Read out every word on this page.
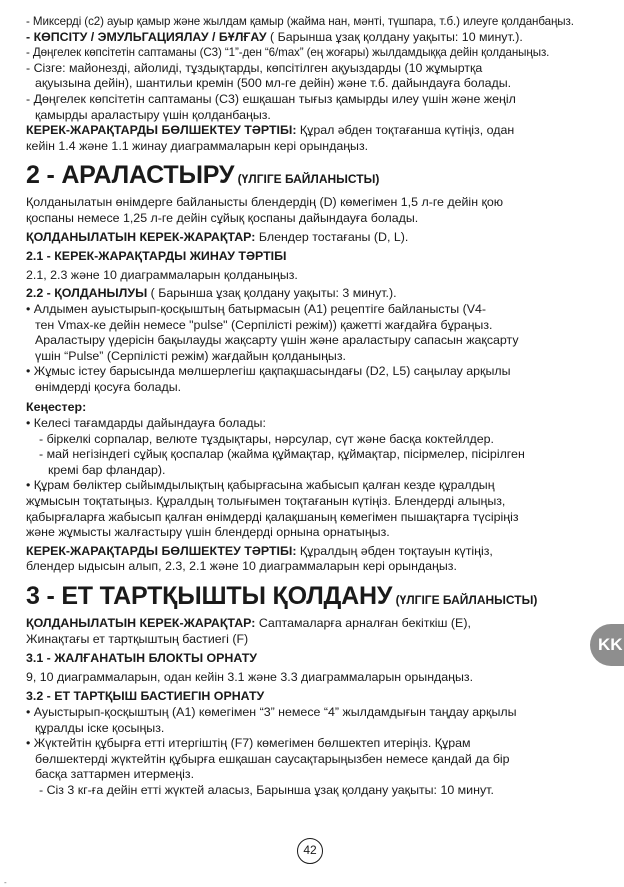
- Миксерді (с2) ауыр қамыр және жылдам қамыр (жайма нан, мәнті, түшпара, т.б.) илеуге қолданбаңыз.

- КӨПСІТУ / ЭМУЛЬГАЦИЯЛАУ / БҰЛҒАУ ( Барынша ұзақ қолдану уақыты: 10 минут.).

- Дөңгелек көпсітетін саптаманы (С3) “1”-ден “6/max” (ең жоғары) жылдамдыққа дейін қолданыңыз.

- Сізге: майонезді, айолиді, тұздықтарды, көпсітілген ақуыздарды (10 жұмыртқа

ақуызына дейін), шантильи кремін (500 мл-ге дейін) және т.б. дайындауға болады.

- Дөңгелек көпсітетін саптаманы (С3) ешқашан тығыз қамырды илеу үшін және жеңіл

қамырды араластыру үшін қолданбаңыз.

КЕРЕК-ЖАРАҚТАРДЫ БӨЛШЕКТЕУ ТӘРТІБІ: Құрал әбден тоқтағанша күтіңіз, одан

кейін 1.4 және 1.1 жинау диаграммаларын кері орындаңыз.

2 - АРАЛАСТЫРУ (ҮЛГІГЕ БАЙЛАНЫСТЫ)

Қолданылатын өнімдерге байланысты блендердің (D) көмегімен 1,5 л-ге дейін қою

қоспаны немесе 1,25 л-ге дейін сұйық қоспаны дайындауға болады.

ҚОЛДАНЫЛАТЫН КЕРЕК-ЖАРАҚТАР: Блендер тостағаны (D, L).

2.1 - КЕРЕК-ЖАРАҚТАРДЫ ЖИНАУ ТӘРТІБІ

2.1, 2.3 және 10 диаграммаларын қолданыңыз.

2.2 - ҚОЛДАНЫЛУЫ ( Барынша ұзақ қолдану уақыты: 3 минут.).

• Алдымен ауыстырып-қосқыштың батырмасын (А1) рецептіге байланысты (V4-

тен Vmax-ке дейін немесе "pulse" (Серпілісті режім)) қажетті жағдайға бұраңыз.

Араластыру үдерісін бақылауды жақсарту үшін және араластыру сапасын жақсарту

үшін “Pulse” (Серпілісті режім) жағдайын қолданыңыз.

• Жұмыс істеу барысында мөлшерлегіш қақпақшасындағы (D2, L5) саңылау арқылы

өнімдерді қосуға болады.

Кеңестер:

• Келесі тағамдарды дайындауға болады:

- біркелкі сорпалар, велюте тұздықтары, нәрсулар, сүт және басқа коктейлдер.

- май негізіндегі сұйық қоспалар (жайма құймақтар, құймақтар, пісірмелер, пісірілген

кремі бар фландар).

• Құрам бөліктер сыйымдылықтың қабырғасына жабысып қалған кезде құралдың

жұмысын тоқтатыңыз. Құралдың толығымен тоқтағанын күтіңіз. Блендерді алыңыз,

қабырғаларға жабысып қалған өнімдерді қалақшаның көмегімен пышақтарға түсіріңіз

және жұмысты жалғастыру үшін блендерді орнына орнатыңыз.

КЕРЕК-ЖАРАҚТАРДЫ БӨЛШЕКТЕУ ТӘРТІБІ: Құралдың әбден тоқтауын күтіңіз,

блендер ыдысын алып, 2.3, 2.1 және 10 диаграммаларын кері орындаңыз.

3 - ЕТ ТАРТҚЫШТЫ ҚОЛДАНУ (ҮЛГІГЕ БАЙЛАНЫСТЫ)

ҚОЛДАНЫЛАТЫН КЕРЕК-ЖАРАҚТАР: Саптамаларға арналған бекіткіш (Е),

Жинақтағы ет тартқыштың бастиегі (F)

3.1 - ЖАЛҒАНАТЫН БЛОКТЫ ОРНАТУ

9, 10 диаграммаларын, одан кейін 3.1 және 3.3 диаграммаларын орындаңыз.

3.2 - ЕТ ТАРТҚЫШ БАСТИЕГІН ОРНАТУ

• Ауыстырып-қосқыштың (А1) көмегімен “3” немесе “4” жылдамдығын таңдау арқылы

құралды іске қосыңыз.

• Жүктейтін құбырға етті итергіштің (F7) көмегімен бөлшектеп итеріңіз. Құрам

бөлшектерді жүктейтін құбырға ешқашан саусақтарыңызбен немесе қандай да бір

басқа заттармен итермеңіз.

- Сіз 3 кг-ға дейін етті жүктей аласыз, Барынша ұзақ қолдану уақыты: 10 минут.

KK
42
-
